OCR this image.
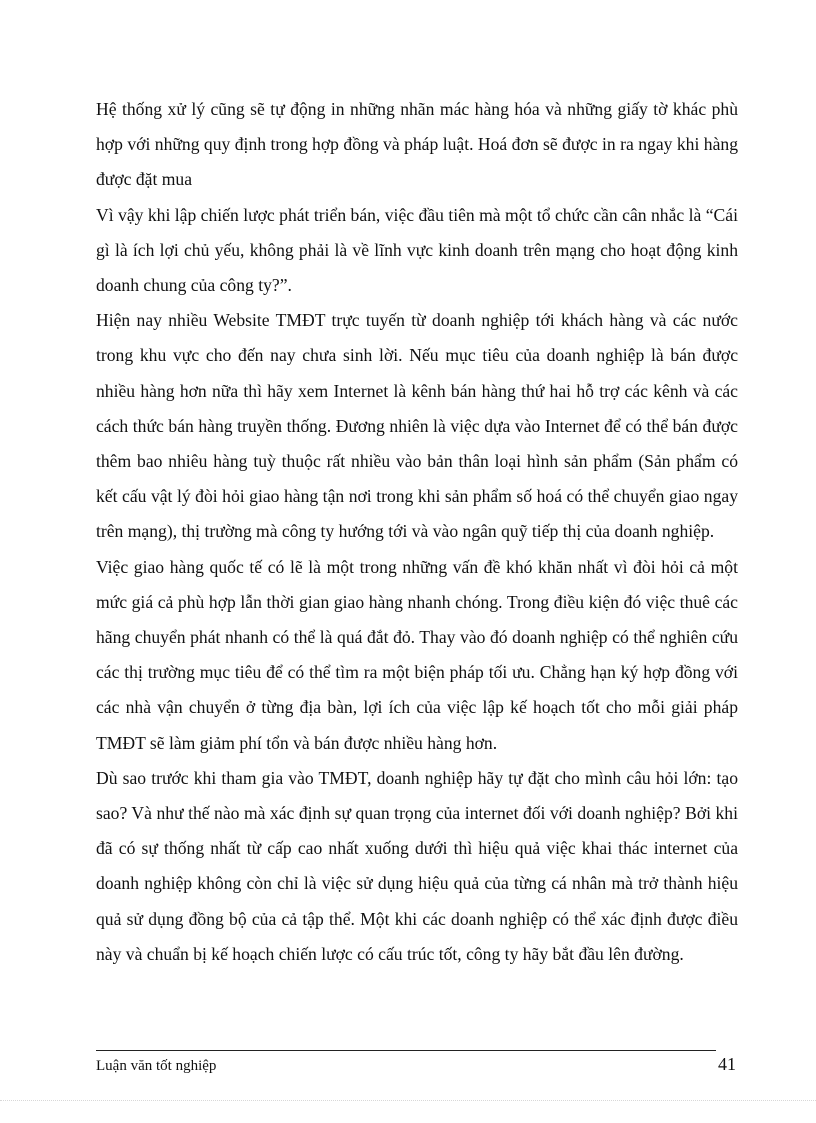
Hệ thống xử lý cũng sẽ tự động in những nhãn mác hàng hóa và những giấy tờ khác phù hợp với những quy định trong hợp đồng và pháp luật. Hoá đơn sẽ được in ra ngay khi hàng được đặt mua

Vì vậy khi lập chiến lược phát triển bán, việc đầu tiên mà một tổ chức cần cân nhắc là “Cái gì là ích lợi chủ yếu, không phải là về lĩnh vực kinh doanh trên mạng cho hoạt động kinh doanh chung của công ty?”.

Hiện nay nhiều Website TMĐT trực tuyến từ doanh nghiệp tới khách hàng và các nước trong khu vực cho đến nay chưa sinh lời. Nếu mục tiêu của doanh nghiệp là bán được nhiều hàng hơn nữa thì hãy xem Internet là kênh bán hàng thứ hai hỗ trợ các kênh và các cách thức bán hàng truyền thống. Đương nhiên là việc dựa vào Internet để có thể bán được thêm bao nhiêu hàng tuỳ thuộc rất nhiều vào bản thân loại hình sản phẩm (Sản phẩm có kết cấu vật lý đòi hỏi giao hàng tận nơi trong khi sản phẩm số hoá có thể chuyển giao ngay trên mạng), thị trường mà công ty hướng tới và vào ngân quỹ tiếp thị của doanh nghiệp.

Việc giao hàng quốc tế có lẽ là một trong những vấn đề khó khăn nhất vì đòi hỏi cả một mức giá cả phù hợp lẫn thời gian giao hàng nhanh chóng. Trong điều kiện đó việc thuê các hãng chuyển phát nhanh có thể là quá đắt đỏ. Thay vào đó doanh nghiệp có thể nghiên cứu các thị trường mục tiêu để có thể tìm ra một biện pháp tối ưu. Chẳng hạn ký hợp đồng với các nhà vận chuyển ở từng địa bàn, lợi ích của việc lập kế hoạch tốt cho mỗi giải pháp TMĐT sẽ làm giảm phí tổn và bán được nhiều hàng hơn.

Dù sao trước khi tham gia vào TMĐT, doanh nghiệp hãy tự đặt cho mình câu hỏi lớn: tạo sao? Và như thế nào mà xác định sự quan trọng của internet đối với doanh nghiệp? Bởi khi đã có sự thống nhất từ cấp cao nhất xuống dưới thì hiệu quả việc khai thác internet của doanh nghiệp không còn chỉ là việc sử dụng hiệu quả của từng cá nhân mà trở thành hiệu quả sử dụng đồng bộ của cả tập thể. Một khi các doanh nghiệp có thể xác định được điều này và chuẩn bị kế hoạch chiến lược có cấu trúc tốt, công ty hãy bắt đầu lên đường.

Luận văn tốt nghiệp	41
